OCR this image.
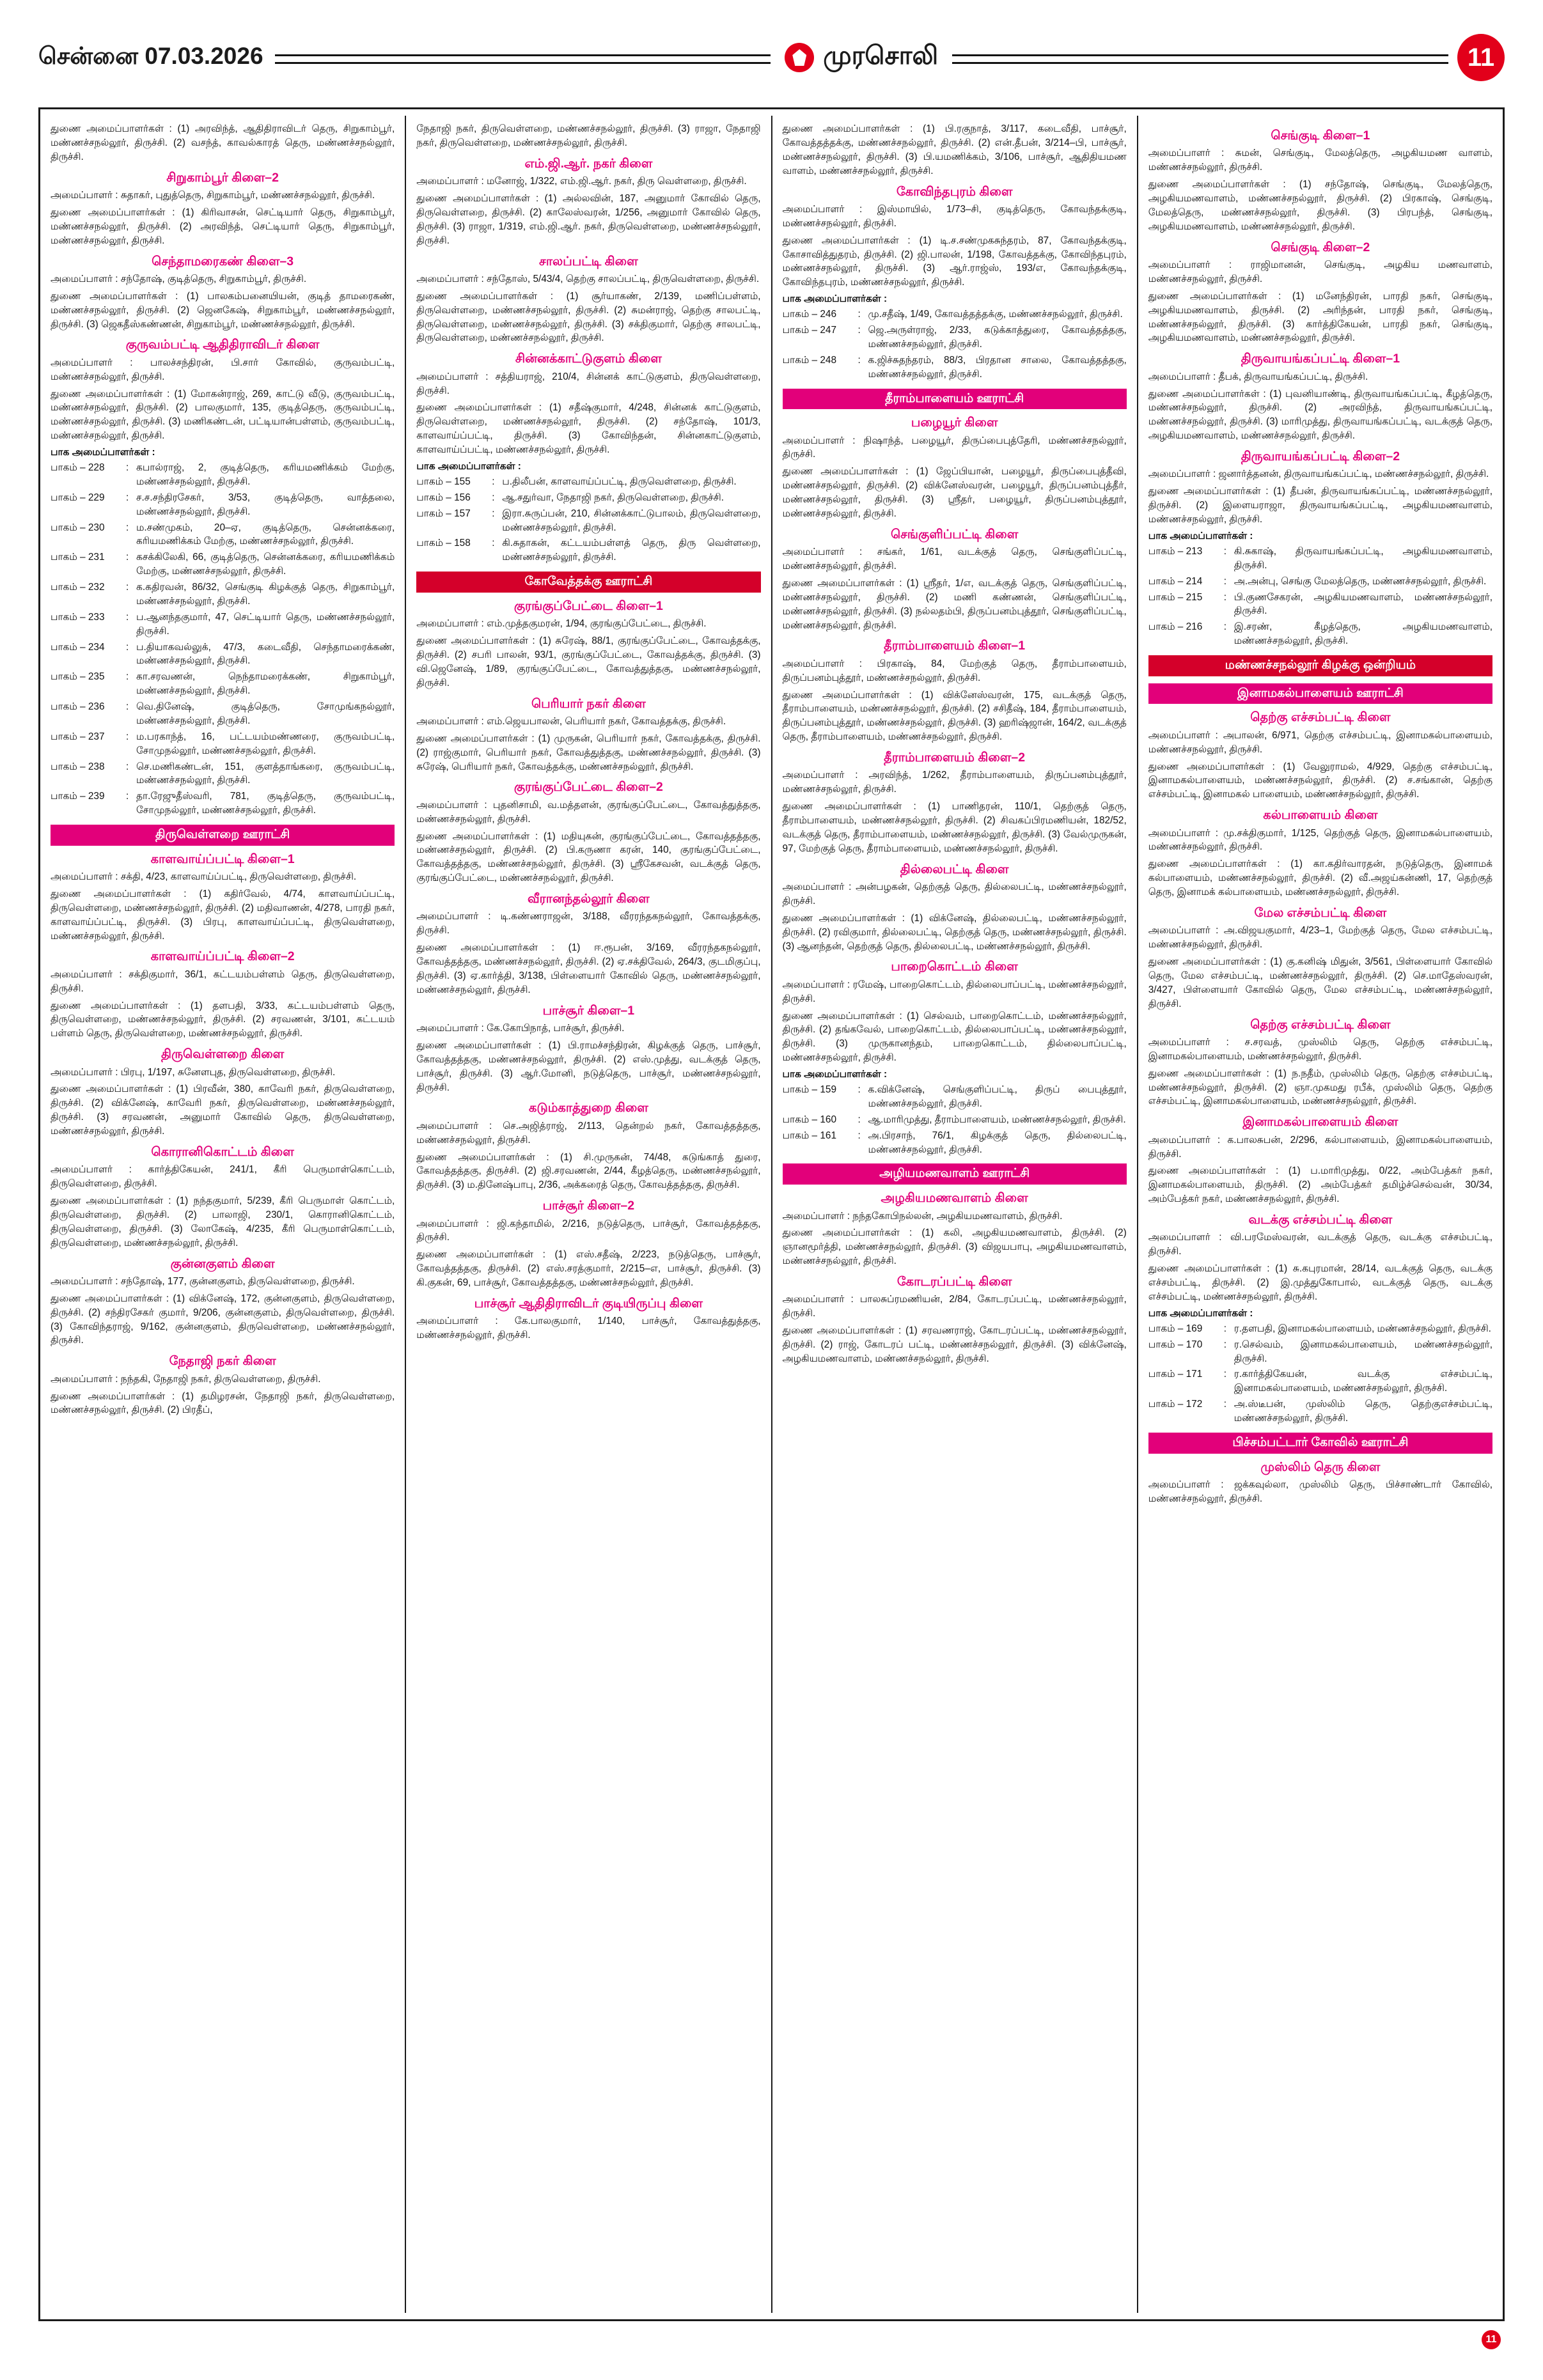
சென்னை 07.03.2026	முரசொலி	11

துணை அமைப்பாளர்கள் : (1) அரவிந்த், ஆதிதிராவிடர் தெரு, சிறுகாம்பூர், மண்ணச்சநல்லூர், திருச்சி. (2) வசந்த், காவல்காரத் தெரு, மண்ணச்சநல்லூர், திருச்சி.

சிறுகாம்பூர் கிளை–2

அமைப்பாளர் : சுதாகர், புதுத்தெரு, சிறுகாம்பூர், மண்ணச்சநல்லூர், திருச்சி.

துணை அமைப்பாளர்கள் : (1) கிரிவாசன், செட்டியார் தெரு, சிறுகாம்பூர், மண்ணச்சநல்லூர், திருச்சி. (2) அரவிந்த், செட்டியார் தெரு, சிறுகாம்பூர், மண்ணச்சநல்லூர், திருச்சி.

செந்தாமரைகண் கிளை–3

அமைப்பாளர் : சந்தோஷ், குடித்தெரு, சிறுகாம்பூர், திருச்சி.

துணை அமைப்பாளர்கள் : (1) பாலகம்பனையியன், குடித் தாமரைகண், மண்ணச்சநல்லூர், திருச்சி. (2) ஜெனகேஷ், சிறுகாம்பூர், மண்ணச்சநல்லூர், திருச்சி. (3) ஜெகதீஸ்கண்ணன், சிறுகாம்பூர், மண்ணச்சநல்லூர், திருச்சி.

குருவம்பட்டி ஆதிதிராவிடர் கிளை

அமைப்பாளர் : பாலச்சந்திரன், பி.சார் கோவில், குருவம்பட்டி, மண்ணச்சநல்லூர், திருச்சி.

துணை அமைப்பாளர்கள் : (1) மோகன்ராஜ், 269, காட்டு வீடு, குருவம்பட்டி, மண்ணச்சநல்லூர், திருச்சி. (2) பாலகுமார், 135, குடித்தெரு, குருவம்பட்டி, மண்ணச்சநல்லூர், திருச்சி. (3) மணிகண்டன், பட்டியான்பள்ளம், குருவம்பட்டி, மண்ணச்சநல்லூர், திருச்சி.

பாக அமைப்பாளர்கள் :
பாகம் – 228	: கபால்ராஜ், 2, குடித்தெரு, கரியமணிக்கம் மேற்கு, மண்ணச்சநல்லூர், திருச்சி.
பாகம் – 229	: ச.ச.சந்திரசேகர், 3/53, குடித்தெரு, வாத்தலை, மண்ணச்சநல்லூர், திருச்சி.
பாகம் – 230	: ம.சண்முகம், 20–ஏ, குடித்தெரு, சென்னக்கரை, கரியமணிக்கம் மேற்கு, மண்ணச்சநல்லூர், திருச்சி.
பாகம் – 231	: கசக்கிலேகி, 66, குடித்தெரு, சென்னக்கரை, கரியமணிக்கம் மேற்கு, மண்ணச்சநல்லூர், திருச்சி.
பாகம் – 232	: க.கதிரவன், 86/32, செங்குடி கிழக்குத் தெரு, சிறுகாம்பூர், மண்ணச்சநல்லூர், திருச்சி.
பாகம் – 233	: ப.ஆனந்தகுமார், 47, செட்டியார் தெரு, மண்ணச்சநல்லூர், திருச்சி.
பாகம் – 234	: ப.தியாகவல்லுக், 47/3, கடைவீதி, செந்தாமரைக்கண், மண்ணச்சநல்லூர், திருச்சி.
பாகம் – 235	: கா.சரவணன், நெந்தாமரைக்கண், சிறுகாம்பூர், மண்ணச்சநல்லூர், திருச்சி.
பாகம் – 236	: வெ.தினேஷ், குடித்தெரு, சோமுங்கநல்லூர், மண்ணச்சநல்லூர், திருச்சி.
பாகம் – 237	: ம.பரகாந்த், 16, பட்டயம்மண்ணரை, குருவம்பட்டி, சோமுநல்லூர், மண்ணச்சநல்லூர், திருச்சி.
பாகம் – 238	: செ.மணிகண்டன், 151, குளத்தாங்கரை, குருவம்பட்டி, மண்ணச்சநல்லூர், திருச்சி.
பாகம் – 239	: தா.ரேஜுதீஸ்வரி, 781, குடித்தெரு, குருவம்பட்டி, சோமுநல்லூர், மண்ணச்சநல்லூர், திருச்சி.
திருவெள்ளறை ஊராட்சி
காளவாய்ப்பட்டி கிளை–1

அமைப்பாளர் : சக்தி, 4/23, காளவாய்ப்பட்டி, திருவெள்ளறை, திருச்சி.

துணை அமைப்பாளர்கள் : (1) கதிர்வேல், 4/74, காளவாய்ப்பட்டி, திருவெள்ளறை, மண்ணச்சநல்லூர், திருச்சி. (2) மதிவாணன், 4/278, பாரதி நகர், காளவாய்ப்பட்டி, திருச்சி. (3) பிரபு, காளவாய்ப்பட்டி, திருவெள்ளறை, மண்ணச்சநல்லூர், திருச்சி.

காளவாய்ப்பட்டி கிளை–2

அமைப்பாளர் : சக்திகுமார், 36/1, கட்டயம்பள்ளம் தெரு, திருவெள்ளறை, திருச்சி.

துணை அமைப்பாளர்கள் : (1) தளபதி, 3/33, கட்டயம்பள்ளம் தெரு, திருவெள்ளறை, மண்ணச்சநல்லூர், திருச்சி. (2) சரவணன், 3/101, கட்டயம் பள்ளம் தெரு, திருவெள்ளறை, மண்ணச்சநல்லூர், திருச்சி.

திருவெள்ளறை கிளை

அமைப்பாளர் : பிரபு, 1/197, சுனேளபுத, திருவெள்ளறை, திருச்சி.

துணை அமைப்பாளர்கள் : (1) பிரவீன், 380, காவேரி நகர், திருவெள்ளறை, திருச்சி. (2) விக்னேஷ், காவேரி நகர், திருவெள்ளறை, மண்ணச்சநல்லூர், திருச்சி. (3) சரவணன், அனுமார் கோவில் தெரு, திருவெள்ளறை, மண்ணச்சநல்லூர், திருச்சி.

கொரானிகொட்டம் கிளை

அமைப்பாளர் : கார்த்திகேயன், 241/1, கீரி பெருமாள்கொட்டம், திருவெள்ளறை, திருச்சி.

துணை அமைப்பாளர்கள் : (1) நந்தகுமார், 5/239, கீரி பெருமாள் கொட்டம், திருவெள்ளறை, திருச்சி. (2) பாலாஜி, 230/1, கொரானிகொட்டம், திருவெள்ளறை, திருச்சி. (3) லோகேஷ், 4/235, கீரி பெருமாள்கொட்டம், திருவெள்ளறை, மண்ணச்சநல்லூர், திருச்சி.

குன்னகுளம் கிளை

அமைப்பாளர் : சந்தோஷ், 177, குன்னகுளம், திருவெள்ளறை, திருச்சி.

துணை அமைப்பாளர்கள் : (1) விக்னேஷ், 172, குன்னகுளம், திருவெள்ளறை, திருச்சி. (2) சந்திரசேகர் குமார், 9/206, குன்னகுளம், திருவெள்ளறை, திருச்சி. (3) கோவிந்தராஜ், 9/162, குன்னகுளம், திருவெள்ளறை, மண்ணச்சநல்லூர், திருச்சி.

நேதாஜி நகர் கிளை

அமைப்பாளர் : நந்தகி, நேதாஜி நகர், திருவெள்ளறை, திருச்சி.

துணை அமைப்பாளர்கள் : (1) தமிழரசன், நேதாஜி நகர், திருவெள்ளறை, மண்ணச்சநல்லூர், திருச்சி. (2) பிரதீப்,

நேதாஜி நகர், திருவெள்ளறை, மண்ணச்சநல்லூர், திருச்சி. (3) ராஜா, நேதாஜி நகர், திருவெள்ளறை, மண்ணச்சநல்லூர், திருச்சி.

எம்.ஜி.ஆர். நகர் கிளை

அமைப்பாளர் : மனோஜ், 1/322, எம்.ஜி.ஆர். நகர், திரு வெள்ளறை, திருச்சி.

துணை அமைப்பாளர்கள் : (1) அல்லவின், 187, அனுமார் கோவில் தெரு, திருவெள்ளறை, திருச்சி. (2) காலேஸ்வரன், 1/256, அனுமார் கோவில் தெரு, திருச்சி. (3) ராஜா, 1/319, எம்.ஜி.ஆர். நகர், திருவெள்ளறை, மண்ணச்சநல்லூர், திருச்சி.

சாலப்பட்டி கிளை

அமைப்பாளர் : சந்தோஸ், 5/43/4, தெற்கு சாலப்பட்டி, திருவெள்ளறை, திருச்சி.

துணை அமைப்பாளர்கள் : (1) சூர்யாகண், 2/139, மணிப்பள்ளம், திருவெள்ளறை, மண்ணச்சநல்லூர், திருச்சி. (2) சுமன்ராஜ், தெற்கு சாலபட்டி, திருவெள்ளறை, மண்ணச்சநல்லூர், திருச்சி. (3) சக்திகுமார், தெற்கு சாலபட்டி, திருவெள்ளறை, மண்ணச்சநல்லூர், திருச்சி.

சின்னக்காட்டுகுளம் கிளை

அமைப்பாளர் : சத்தியராஜ், 210/4, சின்னக் காட்டுகுளம், திருவெள்ளறை, திருச்சி.

துணை அமைப்பாளர்கள் : (1) சதீஷ்குமார், 4/248, சின்னக் காட்டுகுளம், திருவெள்ளறை, மண்ணச்சநல்லூர், திருச்சி. (2) சந்தோஷ், 101/3, காளவாய்ப்பட்டி, திருச்சி. (3) கோவிந்தன், சின்னகாட்டுகுளம், காளவாய்ப்பட்டி, மண்ணச்சநல்லூர், திருச்சி.

பாக அமைப்பாளர்கள் :
பாகம் – 155	: ப.திலீபன், காளவாய்ப்பட்டி, திருவெள்ளறை, திருச்சி.
பாகம் – 156	: ஆ.சதுர்வா, நேதாஜி நகர், திருவெள்ளறை, திருச்சி.
பாகம் – 157	: இரா.சுருப்பன், 210, சின்னக்காட்டுபாலம், திருவெள்ளறை, மண்ணச்சநல்லூர், திருச்சி.
பாகம் – 158	: கி.சுதாகன், கட்டயம்பள்ளத் தெரு, திரு வெள்ளறை, மண்ணச்சநல்லூர், திருச்சி.
கோவேத்தக்கு ஊராட்சி
குரங்குப்பேட்டை கிளை–1

அமைப்பாளர் : எம்.முத்தகுமரன், 1/94, குரங்குப்பேட்டை, திருச்சி.

துணை அமைப்பாளர்கள் : (1) சுரேஷ், 88/1, குரங்குப்பேட்டை, கோவத்தக்கு, திருச்சி. (2) சபரி பாலன், 93/1, குரங்குப்பேட்டை, கோவத்தக்கு, திருச்சி. (3) வி.ஜெனேஷ், 1/89, குரங்குப்பேட்டை, கோவத்துத்தகு, மண்ணச்சநல்லூர், திருச்சி.

பெரியார் நகர் கிளை

அமைப்பாளர் : எம்.ஜெயபாலன், பெரியார் நகர், கோவத்தக்கு, திருச்சி.

துணை அமைப்பாளர்கள் : (1) முருகன், பெரியார் நகர், கோவத்தக்கு, திருச்சி. (2) ராஜ்குமார், பெரியார் நகர், கோவத்துத்தகு, மண்ணச்சநல்லூர், திருச்சி. (3) சுரேஷ், பெரியார் நகர், கோவத்தக்கு, மண்ணச்சநல்லூர், திருச்சி.

குரங்குப்பேட்டை கிளை–2

அமைப்பாளர் : புதனிசாமி, வ.மத்தளன், குரங்குப்பேட்டை, கோவத்துத்தகு, மண்ணச்சநல்லூர், திருச்சி.

துணை அமைப்பாளர்கள் : (1) மதியுகன், குரங்குப்பேட்டை, கோவத்தத்தகு, மண்ணச்சநல்லூர், திருச்சி. (2) பி.கருணா கரன், 140, குரங்குப்பேட்டை, கோவத்தத்தகு, மண்ணச்சநல்லூர், திருச்சி. (3) ஸ்ரீகேசவன், வடக்குத் தெரு, குரங்குப்பேட்டை, மண்ணச்சநல்லூர், திருச்சி.

வீரானந்தல்லூர் கிளை

அமைப்பாளர் : டி.கண்ணராஜன், 3/188, வீரரந்தகநல்லூர், கோவத்தக்கு, திருச்சி.

துணை அமைப்பாளர்கள் : (1) ஈ.ரூபன், 3/169, வீரரந்தகநல்லூர், கோவத்தத்தகு, மண்ணச்சநல்லூர், திருச்சி. (2) ஏ.சக்திவேல், 264/3, குடமிகுப்பு, திருச்சி. (3) ஏ.கார்த்தி, 3/138, பிள்ளையார் கோவில் தெரு, மண்ணச்சநல்லூர், மண்ணச்சநல்லூர், திருச்சி.

பாச்சூர் கிளை–1

அமைப்பாளர் : கே.கோபிநாத், பாச்சூர், திருச்சி.

துணை அமைப்பாளர்கள் : (1) பி.ராமச்சந்திரன், கிழக்குத் தெரு, பாச்சூர், கோவத்தத்தகு, மண்ணச்சநல்லூர், திருச்சி. (2) எஸ்.முத்து, வடக்குத் தெரு, பாச்சூர், திருச்சி. (3) ஆர்.மோனி, நடுத்தெரு, பாச்சூர், மண்ணச்சநல்லூர், திருச்சி.

கடும்காத்துறை கிளை

அமைப்பாளர் : செ.அஜித்ராஜ், 2/113, தென்றல் நகர், கோவத்தத்தகு, மண்ணச்சநல்லூர், திருச்சி.

துணை அமைப்பாளர்கள் : (1) சி.முருகன், 74/48, கடுங்காத் துரை, கோவத்தத்தகு, திருச்சி. (2) ஜி.சரவணன், 2/44, கீழத்தெரு, மண்ணச்சநல்லூர், திருச்சி. (3) ம.தினேஷ்பாபு, 2/36, அக்கரைத் தெரு, கோவத்தத்தகு, திருச்சி.

பாச்சூர் கிளை–2

அமைப்பாளர் : ஜி.கந்தாமில், 2/216, நடுத்தெரு, பாச்சூர், கோவத்தத்தகு, திருச்சி.

துணை அமைப்பாளர்கள் : (1) எஸ்.சதீஷ், 2/223, நடுத்தெரு, பாச்சூர், கோவத்தத்தகு, திருச்சி. (2) எஸ்.சரத்குமார், 2/215–எ, பாச்சூர், திருச்சி. (3) கி.குகன், 69, பாச்சூர், கோவத்தத்தகு, மண்ணச்சநல்லூர், திருச்சி.

பாச்சூர் ஆதிதிராவிடர் குடியிருப்பு கிளை

அமைப்பாளர் : கே.பாலகுமார், 1/140, பாச்சூர், கோவத்துத்தகு, மண்ணச்சநல்லூர், திருச்சி.

துணை அமைப்பாளர்கள் : (1) பி.ரகுநாத், 3/117, கடைவீதி, பாச்சூர், கோவத்தத்தக்கு, மண்ணச்சநல்லூர், திருச்சி. (2) என்.தீபன், 3/214–பி, பாச்சூர், மண்ணச்சநல்லூர், திருச்சி. (3) பி.யமணிக்கம், 3/106, பாச்சூர், ஆதிதியமண வாளம், மண்ணச்சநல்லூர், திருச்சி.

கோவிந்தபுரம் கிளை

அமைப்பாளர் : இஸ்மாயில், 1/73–சி, குடித்தெரு, கோவந்தக்குடி, மண்ணச்சநல்லூர், திருச்சி.

துணை அமைப்பாளர்கள் : (1) டி.ச.சண்முகசுந்தரம், 87, கோவந்தக்குடி, கோசாவித்துதரம், திருச்சி. (2) ஜி.பாலன், 1/198, கோவத்தக்கு, கோவிந்தபுரம், மண்ணச்சநல்லூர், திருச்சி. (3) ஆர்.ராஜ்ஸ், 193/எ, கோவந்தக்குடி, கோவிந்தபுரம், மண்ணச்சநல்லூர், திருச்சி.

பாக அமைப்பாளர்கள் :
பாகம் – 246	: மு.சதீஷ், 1/49, கோவத்தத்தக்கு, மண்ணச்சநல்லூர், திருச்சி.
பாகம் – 247	: ஜெ.அருள்ராஜ், 2/33, கடுக்காத்துரை, கோவத்தத்தகு, மண்ணச்சநல்லூர், திருச்சி.
பாகம் – 248	: க.ஜிச்சுதந்தரம், 88/3, பிரதான சாலை, கோவத்தத்தகு, மண்ணச்சநல்லூர், திருச்சி.
தீராம்பாளையம் ஊராட்சி
பழையூர் கிளை

அமைப்பாளர் : நிஷாந்த், பழையூர், திருப்பைபுத்தேரி, மண்ணச்சநல்லூர், திருச்சி.

துணை அமைப்பாளர்கள் : (1) ஜேப்பியான், பழையூர், திருப்பைபுத்தீவி, மண்ணச்சநல்லூர், திருச்சி. (2) விக்னேஸ்வரன், பழையூர், திருப்பனம்புத்தீர், மண்ணச்சநல்லூர், திருச்சி. (3) ஸ்ரீதர், பழையூர், திருப்பனம்புத்தூர், மண்ணச்சநல்லூர், திருச்சி.

செங்குளிப்பட்டி கிளை

அமைப்பாளர் : சங்கர், 1/61, வடக்குத் தெரு, செங்குளிப்பட்டி, மண்ணச்சநல்லூர், திருச்சி.

துணை அமைப்பாளர்கள் : (1) ஸ்ரீதர், 1/எ, வடக்குத் தெரு, செங்குளிப்பட்டி, மண்ணச்சநல்லூர், திருச்சி. (2) மணி கண்ணன், செங்குளிப்பட்டி, மண்ணச்சநல்லூர், திருச்சி. (3) நல்லதம்பி, திருப்பனம்புத்தூர், செங்குளிப்பட்டி, மண்ணச்சநல்லூர், திருச்சி.

தீராம்பாளையம் கிளை–1

அமைப்பாளர் : பிரகாஷ், 84, மேற்குத் தெரு, தீராம்பாளையம், திருப்பனம்புத்தூர், மண்ணச்சநல்லூர், திருச்சி.

துணை அமைப்பாளர்கள் : (1) விக்னேஸ்வரன், 175, வடக்குத் தெரு, தீராம்பாளையம், மண்ணச்சநல்லூர், திருச்சி. (2) சசிதீஷ், 184, தீராம்பாளையம், திருப்பனம்புத்தூர், மண்ணச்சநல்லூர், திருச்சி. (3) ஹரிஷ்ஜான், 164/2, வடக்குத் தெரு, தீராம்பாளையம், மண்ணச்சநல்லூர், திருச்சி.

தீராம்பாளையம் கிளை–2

அமைப்பாளர் : அரவிந்த், 1/262, தீராம்பாளையம், திருப்பனம்புத்தூர், மண்ணச்சநல்லூர், திருச்சி.

துணை அமைப்பாளர்கள் : (1) பாணிதரன், 110/1, தெற்குத் தெரு, தீராம்பாளையம், மண்ணச்சநல்லூர், திருச்சி. (2) சிவகப்பிரமணியன், 182/52, வடக்குத் தெரு, தீராம்பாளையம், மண்ணச்சநல்லூர், திருச்சி. (3) வேல்முருகன், 97, மேற்குத் தெரு, தீராம்பாளையம், மண்ணச்சநல்லூர், திருச்சி.

தில்லைபட்டி கிளை

அமைப்பாளர் : அன்பழகன், தெற்குத் தெரு, தில்லைபட்டி, மண்ணச்சநல்லூர், திருச்சி.

துணை அமைப்பாளர்கள் : (1) விக்னேஷ், தில்லைபட்டி, மண்ணச்சநல்லூர், திருச்சி. (2) ரவிகுமார், தில்லைபட்டி, தெற்குத் தெரு, மண்ணச்சநல்லூர், திருச்சி. (3) ஆனந்தன், தெற்குத் தெரு, தில்லைபட்டி, மண்ணச்சநல்லூர், திருச்சி.

பாறைகொட்டம் கிளை

அமைப்பாளர் : ரமேஷ், பாறைகொட்டம், தில்லைபாப்பட்டி, மண்ணச்சநல்லூர், திருச்சி.

துணை அமைப்பாளர்கள் : (1) செல்வம், பாறைகொட்டம், மண்ணச்சநல்லூர், திருச்சி. (2) தங்கவேல், பாறைகொட்டம், தில்லைபாப்பட்டி, மண்ணச்சநல்லூர், திருச்சி. (3) முருகானந்தம், பாறைகொட்டம், தில்லைபாப்பட்டி, மண்ணச்சநல்லூர், திருச்சி.

பாக அமைப்பாளர்கள் :
பாகம் – 159	: க.விக்னேஷ், செங்குளிப்பட்டி, திருப் பைபுத்தூர், மண்ணச்சநல்லூர், திருச்சி.
பாகம் – 160	: ஆ.மாரிமுத்து, தீராம்பாளையம், மண்ணச்சநல்லூர், திருச்சி.
பாகம் – 161	: அ.பிரசாந், 76/1, கிழக்குத் தெரு, தில்லைபட்டி, மண்ணச்சநல்லூர், திருச்சி.
அழியமணவாளம் ஊராட்சி
அழகியமணவாளம் கிளை

அமைப்பாளர் : நந்தகோபிநல்லன், அழகியமணவாளம், திருச்சி.

துணை அமைப்பாளர்கள் : (1) கலி, அழகியமணவாளம், திருச்சி. (2) ஞானமூர்த்தி, மண்ணச்சநல்லூர், திருச்சி. (3) விஜயபாபு, அழகியமணவாளம், மண்ணச்சநல்லூர், திருச்சி.

கோடரப்பட்டி கிளை

அமைப்பாளர் : பாலசுப்ரமணியன், 2/84, கோடரப்பட்டி, மண்ணச்சநல்லூர், திருச்சி.

துணை அமைப்பாளர்கள் : (1) சரவணராஜ், கோடரப்பட்டி, மண்ணச்சநல்லூர், திருச்சி. (2) ராஜ், கோடரப் பட்டி, மண்ணச்சநல்லூர், திருச்சி. (3) விக்னேஷ், அழகியமணவாளம், மண்ணச்சநல்லூர், திருச்சி.

செங்குடி கிளை–1

அமைப்பாளர் : சுமன், செங்குடி, மேலத்தெரு, அழகியமண வாளம், மண்ணச்சநல்லூர், திருச்சி.

துணை அமைப்பாளர்கள் : (1) சந்தோஷ், செங்குடி, மேலத்தெரு, அழகியமணவாளம், மண்ணச்சநல்லூர், திருச்சி. (2) பிரகாஷ், செங்குடி, மேலத்தெரு, மண்ணச்சநல்லூர், திருச்சி. (3) பிரபந்த், செங்குடி, அழகியமணவாளம், மண்ணச்சநல்லூர், திருச்சி.

செங்குடி கிளை–2

அமைப்பாளர் : ராஜிமானன், செங்குடி, அழகிய மணவாளம், மண்ணச்சநல்லூர், திருச்சி.

துணை அமைப்பாளர்கள் : (1) மனேந்திரன், பாரதி நகர், செங்குடி, அழகியமணவாளம், திருச்சி. (2) அரிந்தன், பாரதி நகர், செங்குடி, மண்ணச்சநல்லூர், திருச்சி. (3) கார்த்திகேயன், பாரதி நகர், செங்குடி, அழகியமணவாளம், மண்ணச்சநல்லூர், திருச்சி.

திருவாயங்கப்பட்டி கிளை–1

அமைப்பாளர் : தீபக், திருவாயங்கப்பட்டி, திருச்சி.

துணை அமைப்பாளர்கள் : (1) புவனியாண்டி, திருவாயங்கப்பட்டி, கீழத்தெரு, மண்ணச்சநல்லூர், திருச்சி. (2) அரவிந்த், திருவாயங்கப்பட்டி, மண்ணச்சநல்லூர், திருச்சி. (3) மாரிமுத்து, திருவாயங்கப்பட்டி, வடக்குத் தெரு, அழகியமணவாளம், மண்ணச்சநல்லூர், திருச்சி.

திருவாயங்கப்பட்டி கிளை–2

அமைப்பாளர் : ஜனார்த்தனன், திருவாயங்கப்பட்டி, மண்ணச்சநல்லூர், திருச்சி.

துணை அமைப்பாளர்கள் : (1) தீபன், திருவாயங்கப்பட்டி, மண்ணச்சநல்லூர், திருச்சி. (2) இளையராஜா, திருவாயங்கப்பட்டி, அழகியமணவாளம், மண்ணச்சநல்லூர், திருச்சி.

பாக அமைப்பாளர்கள் :
பாகம் – 213	: கி.சுகாஷ், திருவாயங்கப்பட்டி, அழகியமணவாளம், திருச்சி.
பாகம் – 214	: அ.அன்பு, செங்கு மேலத்தெரு, மண்ணச்சநல்லூர், திருச்சி.
பாகம் – 215	: பி.குணசேகரன், அழகியமணவாளம், மண்ணச்சநல்லூர், திருச்சி.
பாகம் – 216	: இ.சரண், கீழத்தெரு, அழகியமணவாளம், மண்ணச்சநல்லூர், திருச்சி.
மண்ணச்சநல்லூர் கிழக்கு ஒன்றியம்
இனாமகல்பாளையம் ஊராட்சி
தெற்கு எச்சம்பட்டி கிளை

அமைப்பாளர் : அபாலன், 6/971, தெற்கு எச்சம்பட்டி, இனாமகல்பாளையம், மண்ணச்சநல்லூர், திருச்சி.

துணை அமைப்பாளர்கள் : (1) வேலுராமல், 4/929, தெற்கு எச்சம்பட்டி, இனாமகல்பாளையம், மண்ணச்சநல்லூர், திருச்சி. (2) ச.சங்கான், தெற்கு எச்சம்பட்டி, இனாமகல் பாளையம், மண்ணச்சநல்லூர், திருச்சி.

கல்பாளையம் கிளை

அமைப்பாளர் : மு.சக்திகுமார், 1/125, தெற்குத் தெரு, இனாமகல்பாளையம், மண்ணச்சநல்லூர், திருச்சி.

துணை அமைப்பாளர்கள் : (1) கா.கதிர்வாரதன், நடுத்தெரு, இனாமக் கல்பாளையம், மண்ணச்சநல்லூர், திருச்சி. (2) வீ.அஜய்கன்ணி, 17, தெற்குத் தெரு, இனாமக் கல்பாளையம், மண்ணச்சநல்லூர், திருச்சி.

மேல எச்சம்பட்டி கிளை

அமைப்பாளர் : அ.விஜயகுமார், 4/23–1, மேற்குத் தெரு, மேல எச்சம்பட்டி, மண்ணச்சநல்லூர், திருச்சி.

துணை அமைப்பாளர்கள் : (1) கு.கனிஷ் மிதுன், 3/561, பிள்ளையார் கோவில் தெரு, மேல எச்சம்பட்டி, மண்ணச்சநல்லூர், திருச்சி. (2) செ.மாதேஸ்வரன், 3/427, பிள்ளையார் கோவில் தெரு, மேல எச்சம்பட்டி, மண்ணச்சநல்லூர், திருச்சி.

தெற்கு எச்சம்பட்டி கிளை

அமைப்பாளர் : ச.சரவத், முஸ்லிம் தெரு, தெற்கு எச்சம்பட்டி, இனாமகல்பாளையம், மண்ணச்சநல்லூர், திருச்சி.

துணை அமைப்பாளர்கள் : (1) ந.நதீம், முஸ்லிம் தெரு, தெற்கு எச்சம்பட்டி, மண்ணச்சநல்லூர், திருச்சி. (2) ஞா.முகமது ரபீக், முஸ்லிம் தெரு, தெற்கு எச்சம்பட்டி, இனாமகல்பாளையம், மண்ணச்சநல்லூர், திருச்சி.

இனாமகல்பாளையம் கிளை

அமைப்பாளர் : க.பாலசுபன், 2/296, கல்பாளையம், இனாமகல்பாளையம், திருச்சி.

துணை அமைப்பாளர்கள் : (1) ப.மாரிமுத்து, 0/22, அம்பேத்கர் நகர், இனாமகல்பாளையம், திருச்சி. (2) அம்பேத்கர் தமிழ்ச்செல்வன், 30/34, அம்பேத்கர் நகர், மண்ணச்சநல்லூர், திருச்சி.

வடக்கு எச்சம்பட்டி கிளை

அமைப்பாளர் : வி.பரமேஸ்வரன், வடக்குத் தெரு, வடக்கு எச்சம்பட்டி, திருச்சி.

துணை அமைப்பாளர்கள் : (1) சு.கபுரமான், 28/14, வடக்குத் தெரு, வடக்கு எச்சம்பட்டி, திருச்சி. (2) இ.முத்துகோபால், வடக்குத் தெரு, வடக்கு எச்சம்பட்டி, மண்ணச்சநல்லூர், திருச்சி.

பாக அமைப்பாளர்கள் :
பாகம் – 169	: ர.தளபதி, இனாமகல்பாளையம், மண்ணச்சநல்லூர், திருச்சி.
பாகம் – 170	: ர.செல்வம், இனாமகல்பாளையம், மண்ணச்சநல்லூர், திருச்சி.
பாகம் – 171	: ர.கார்த்திகேயன், வடக்கு எச்சம்பட்டி, இனாமகல்பாளையம், மண்ணச்சநல்லூர், திருச்சி.
பாகம் – 172	: அ.ஸ்டீபன், முஸ்லிம் தெரு, தெற்குஎச்சம்பட்டி, மண்ணச்சநல்லூர், திருச்சி.
பிச்சம்பட்டார் கோவில் ஊராட்சி
முஸ்லிம் தெரு கிளை

அமைப்பாளர் : ஜக்கவுல்லா, முஸ்லிம் தெரு, பிச்சாண்டார் கோவில், மண்ணச்சநல்லூர், திருச்சி.

11
